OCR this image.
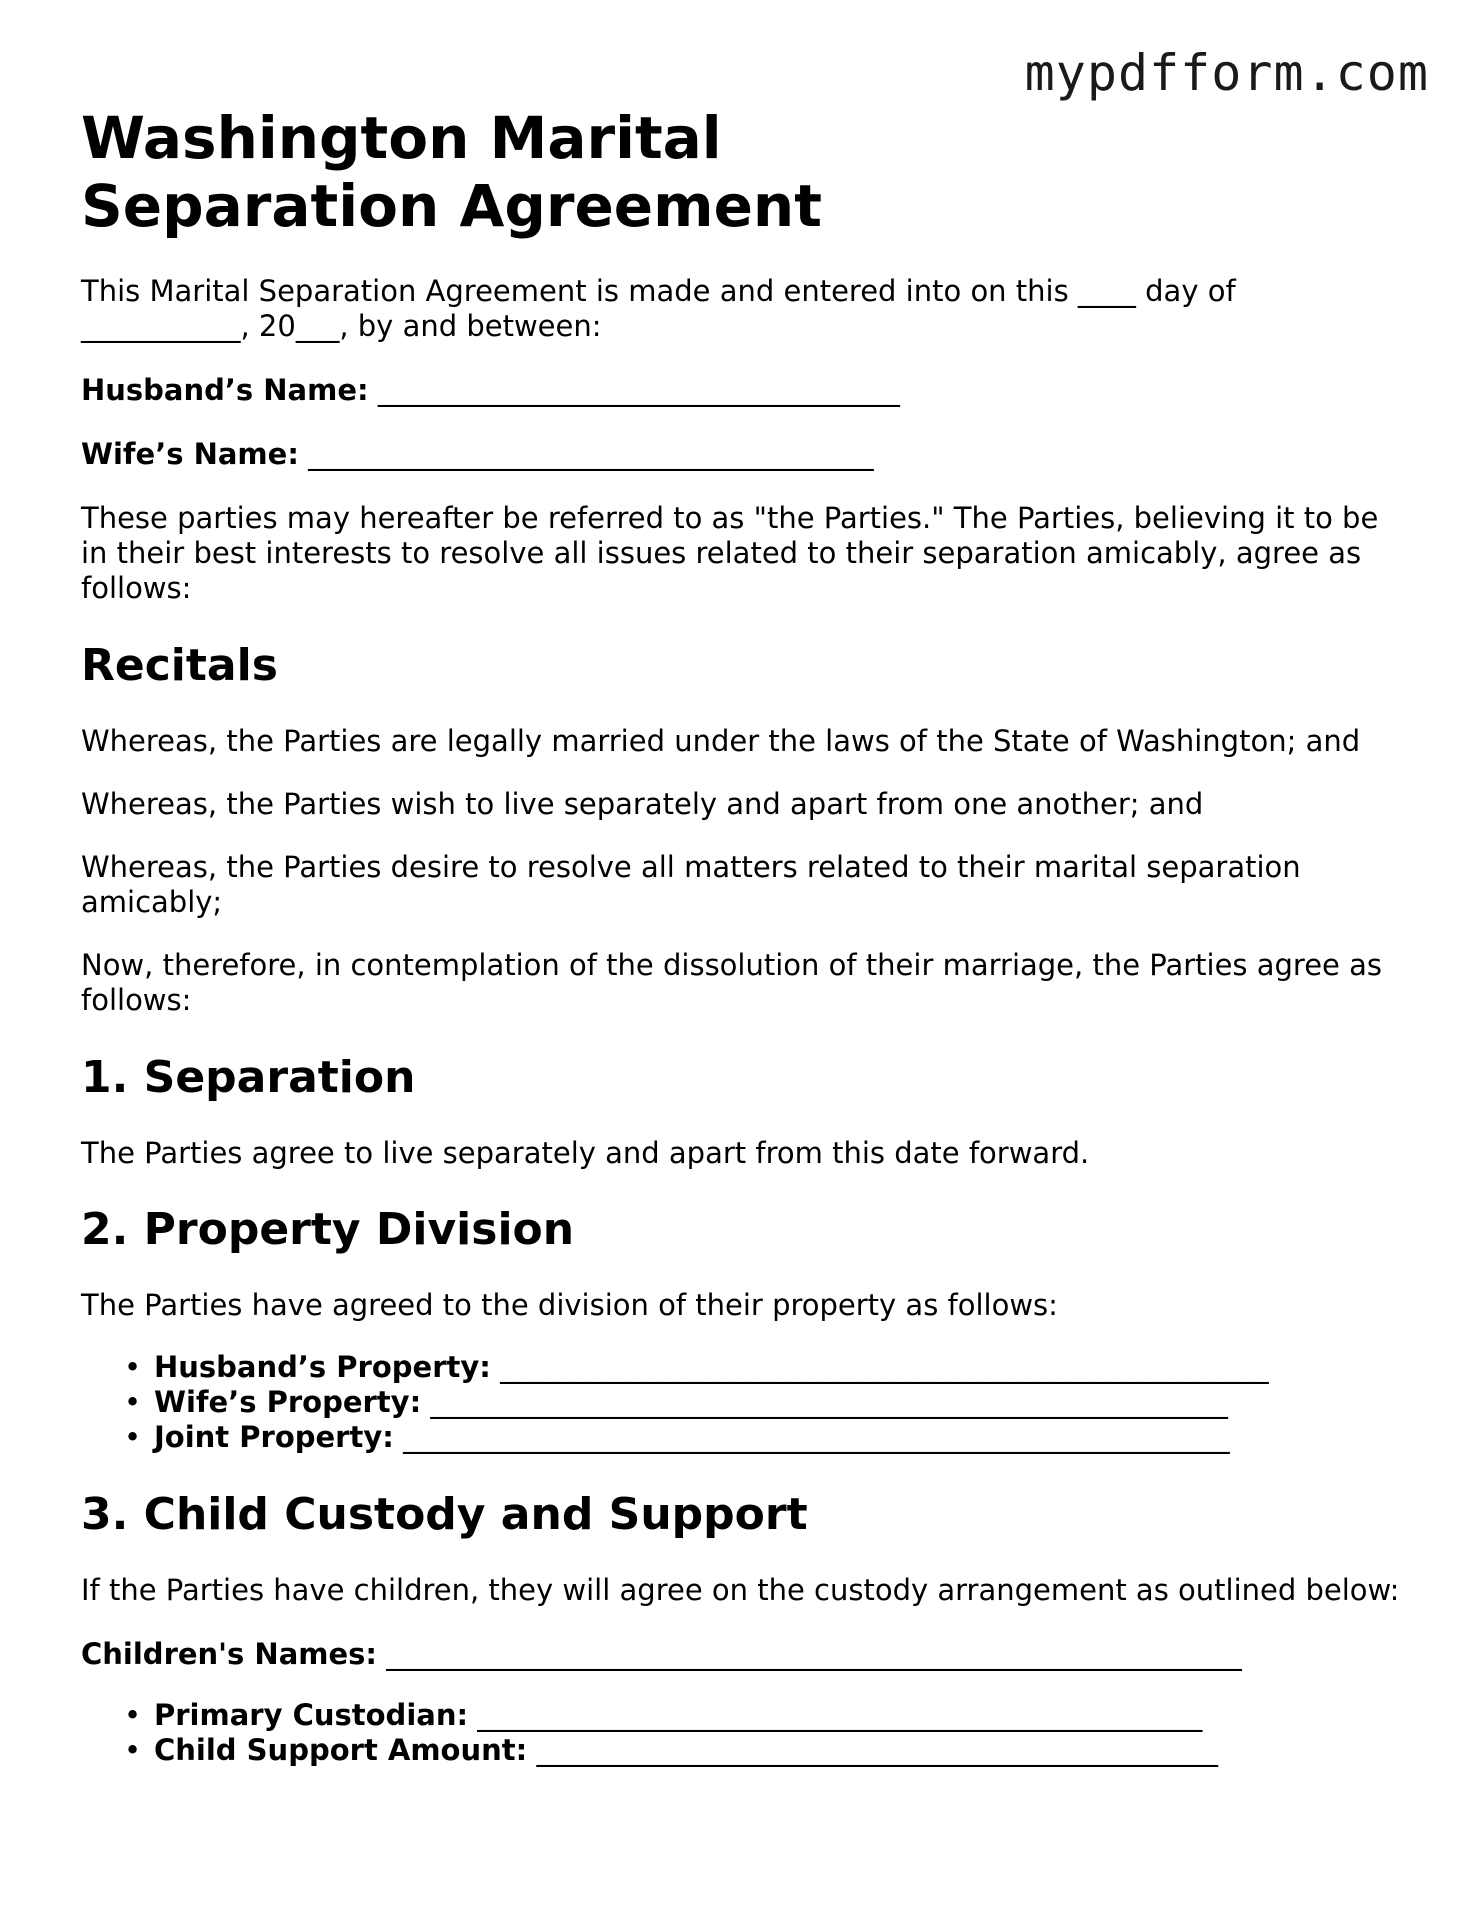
mypdfform.com
Washington Marital Separation Agreement

This Marital Separation Agreement is made and entered into on this ____ day of ___________, 20___, by and between:

Husband’s Name: ____________________________________

Wife’s Name: _______________________________________

These parties may hereafter be referred to as "the Parties." The Parties, believing it to be in their best interests to resolve all issues related to their separation amicably, agree as follows:

Recitals

Whereas, the Parties are legally married under the laws of the State of Washington; and

Whereas, the Parties wish to live separately and apart from one another; and

Whereas, the Parties desire to resolve all matters related to their marital separation amicably;

Now, therefore, in contemplation of the dissolution of their marriage, the Parties agree as follows:

1. Separation

The Parties agree to live separately and apart from this date forward.

2. Property Division

The Parties have agreed to the division of their property as follows:

• Husband’s Property: _____________________________________________________
• Wife’s Property: _______________________________________________________
• Joint Property: _________________________________________________________
3. Child Custody and Support

If the Parties have children, they will agree on the custody arrangement as outlined below:

Children's Names: ___________________________________________________________

• Primary Custodian: __________________________________________________
• Child Support Amount: _______________________________________________
